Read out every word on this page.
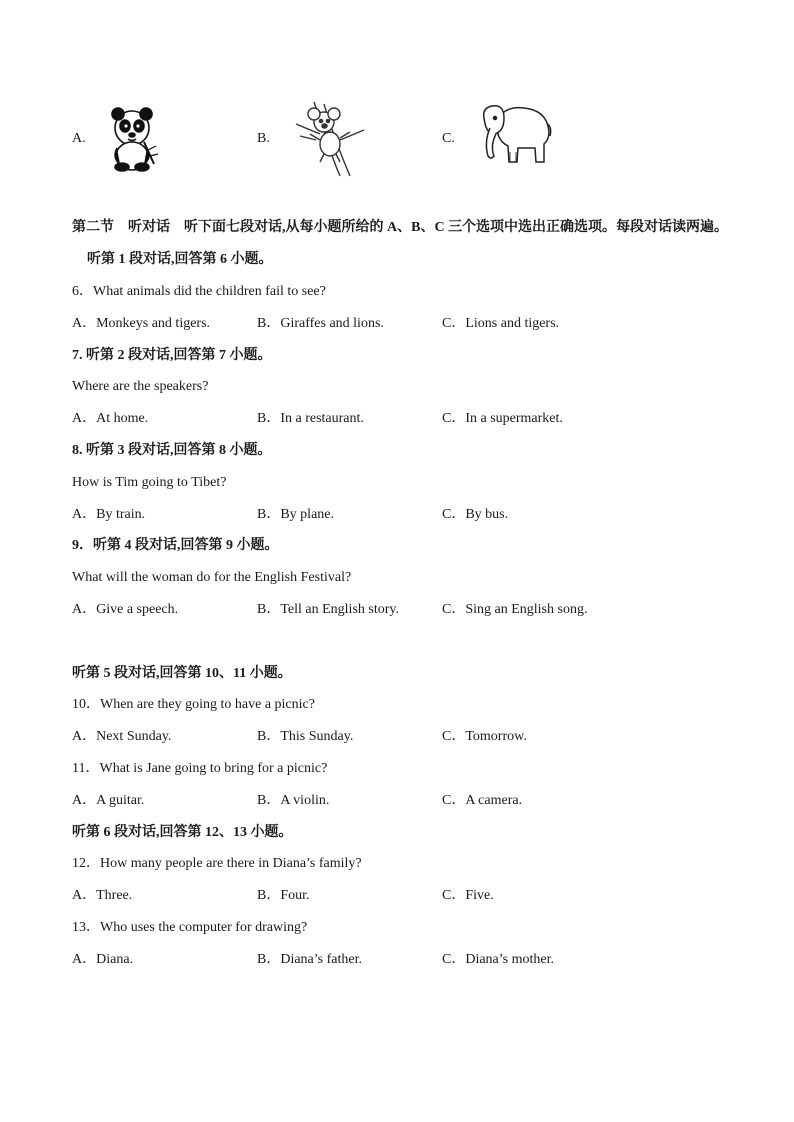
A.	B.	C.
第二节　听对话　听下面七段对话,从每小题所给的 A、B、C 三个选项中选出正确选项。每段对话读两遍。
听第 1 段对话,回答第 6 小题。
6．What animals did the children fail to see?
A．Monkeys and tigers.	B．Giraffes and lions.	C．Lions and tigers.
7. 听第 2 段对话,回答第 7 小题。
Where are the speakers?
A．At home.	B．In a restaurant.	C．In a supermarket.
8. 听第 3 段对话,回答第 8 小题。
How is Tim going to Tibet?
A．By train.	B．By plane.	C．By bus.
9．听第 4 段对话,回答第 9 小题。
What will the woman do for the English Festival?
A．Give a speech.	B．Tell an English story.	C．Sing an English song.
听第 5 段对话,回答第 10、11 小题。
10．When are they going to have a picnic?
A．Next Sunday.	B．This Sunday.	C．Tomorrow.
11．What is Jane going to bring for a picnic?
A．A guitar.	B．A violin.	C．A camera.
听第 6 段对话,回答第 12、13 小题。
12．How many people are there in Diana’s family?
A．Three.	B．Four.	C．Five.
13．Who uses the computer for drawing?
A．Diana.	B．Diana’s father.	C．Diana’s mother.
